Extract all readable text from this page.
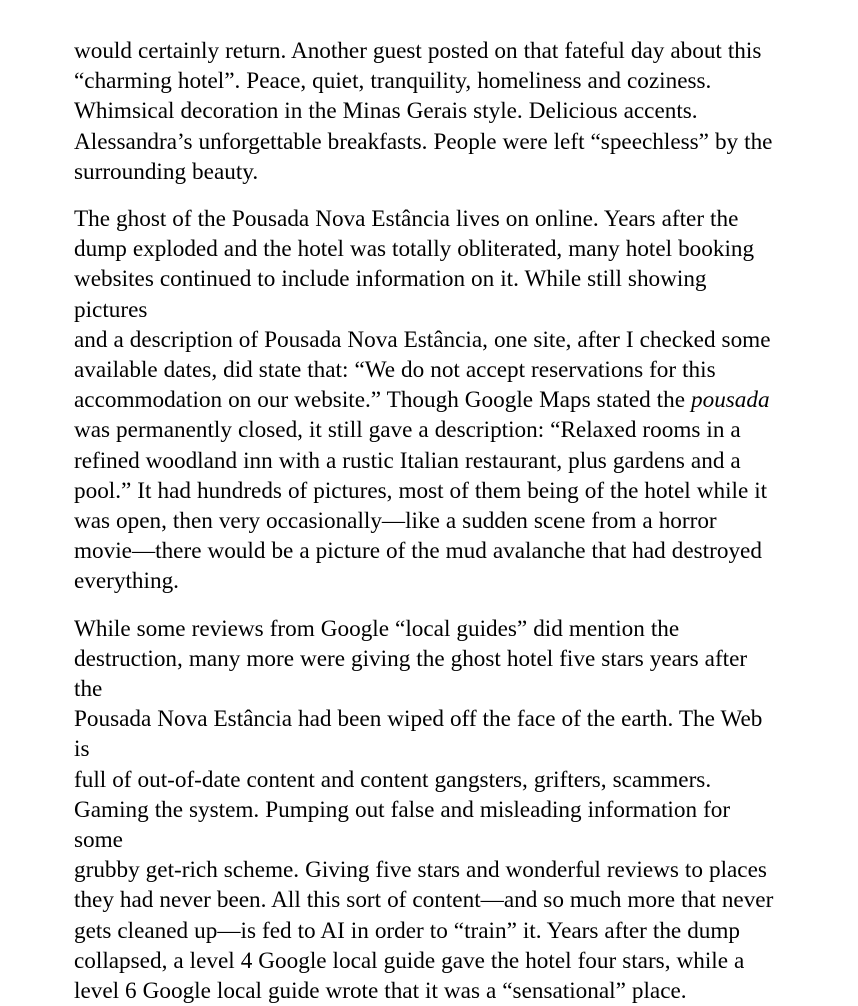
would certainly return. Another guest posted on that fateful day about this
“charming hotel”. Peace, quiet, tranquility, homeliness and coziness.
Whimsical decoration in the Minas Gerais style. Delicious accents.
Alessandra’s unforgettable breakfasts. People were left “speechless” by the
surrounding beauty.

The ghost of the Pousada Nova Estância lives on online. Years after the
dump exploded and the hotel was totally obliterated, many hotel booking
websites continued to include information on it. While still showing pictures
and a description of Pousada Nova Estância, one site, after I checked some
available dates, did state that: “We do not accept reservations for this
accommodation on our website.” Though Google Maps stated the pousada
was permanently closed, it still gave a description: “Relaxed rooms in a
refined woodland inn with a rustic Italian restaurant, plus gardens and a
pool.” It had hundreds of pictures, most of them being of the hotel while it
was open, then very occasionally—like a sudden scene from a horror
movie—there would be a picture of the mud avalanche that had destroyed
everything.

While some reviews from Google “local guides” did mention the
destruction, many more were giving the ghost hotel five stars years after the
Pousada Nova Estância had been wiped off the face of the earth. The Web is
full of out-of-date content and content gangsters, grifters, scammers.
Gaming the system. Pumping out false and misleading information for some
grubby get-rich scheme. Giving five stars and wonderful reviews to places
they had never been. All this sort of content—and so much more that never
gets cleaned up—is fed to AI in order to “train” it. Years after the dump
collapsed, a level 4 Google local guide gave the hotel four stars, while a
level 6 Google local guide wrote that it was a “sensational” place.
